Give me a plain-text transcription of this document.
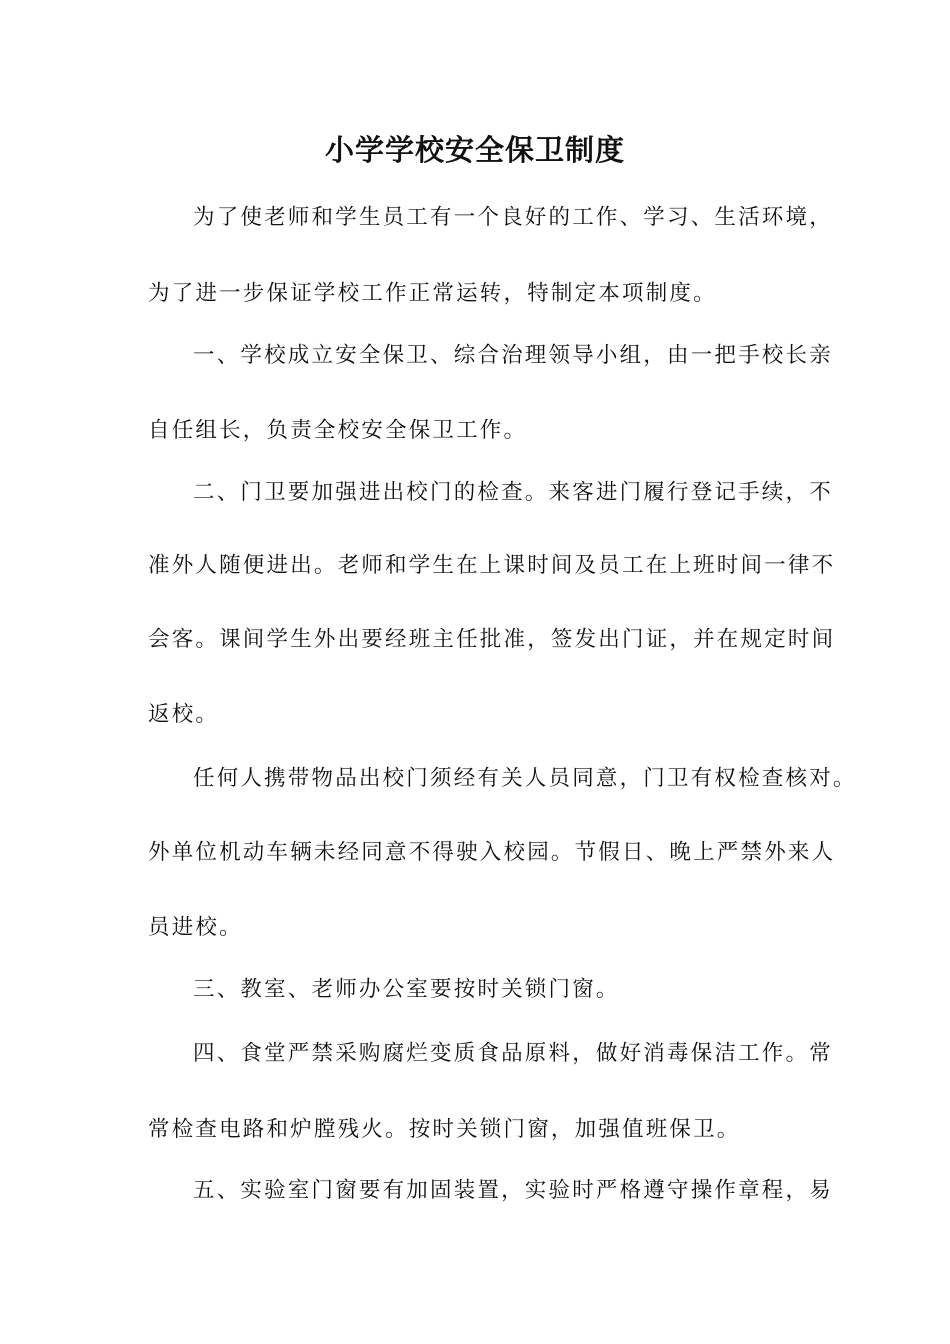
小学学校安全保卫制度

为了使老师和学生员工有一个良好的工作、学习、生活环境，

为了进一步保证学校工作正常运转，特制定本项制度。

一、学校成立安全保卫、综合治理领导小组，由一把手校长亲

自任组长，负责全校安全保卫工作。

二、门卫要加强进出校门的检查。来客进门履行登记手续，不

准外人随便进出。老师和学生在上课时间及员工在上班时间一律不

会客。课间学生外出要经班主任批准，签发出门证，并在规定时间

返校。

任何人携带物品出校门须经有关人员同意，门卫有权检查核对。

外单位机动车辆未经同意不得驶入校园。节假日、晚上严禁外来人

员进校。

三、教室、老师办公室要按时关锁门窗。

四、食堂严禁采购腐烂变质食品原料，做好消毒保洁工作。常

常检查电路和炉膛残火。按时关锁门窗，加强值班保卫。

五、实验室门窗要有加固装置，实验时严格遵守操作章程，易
